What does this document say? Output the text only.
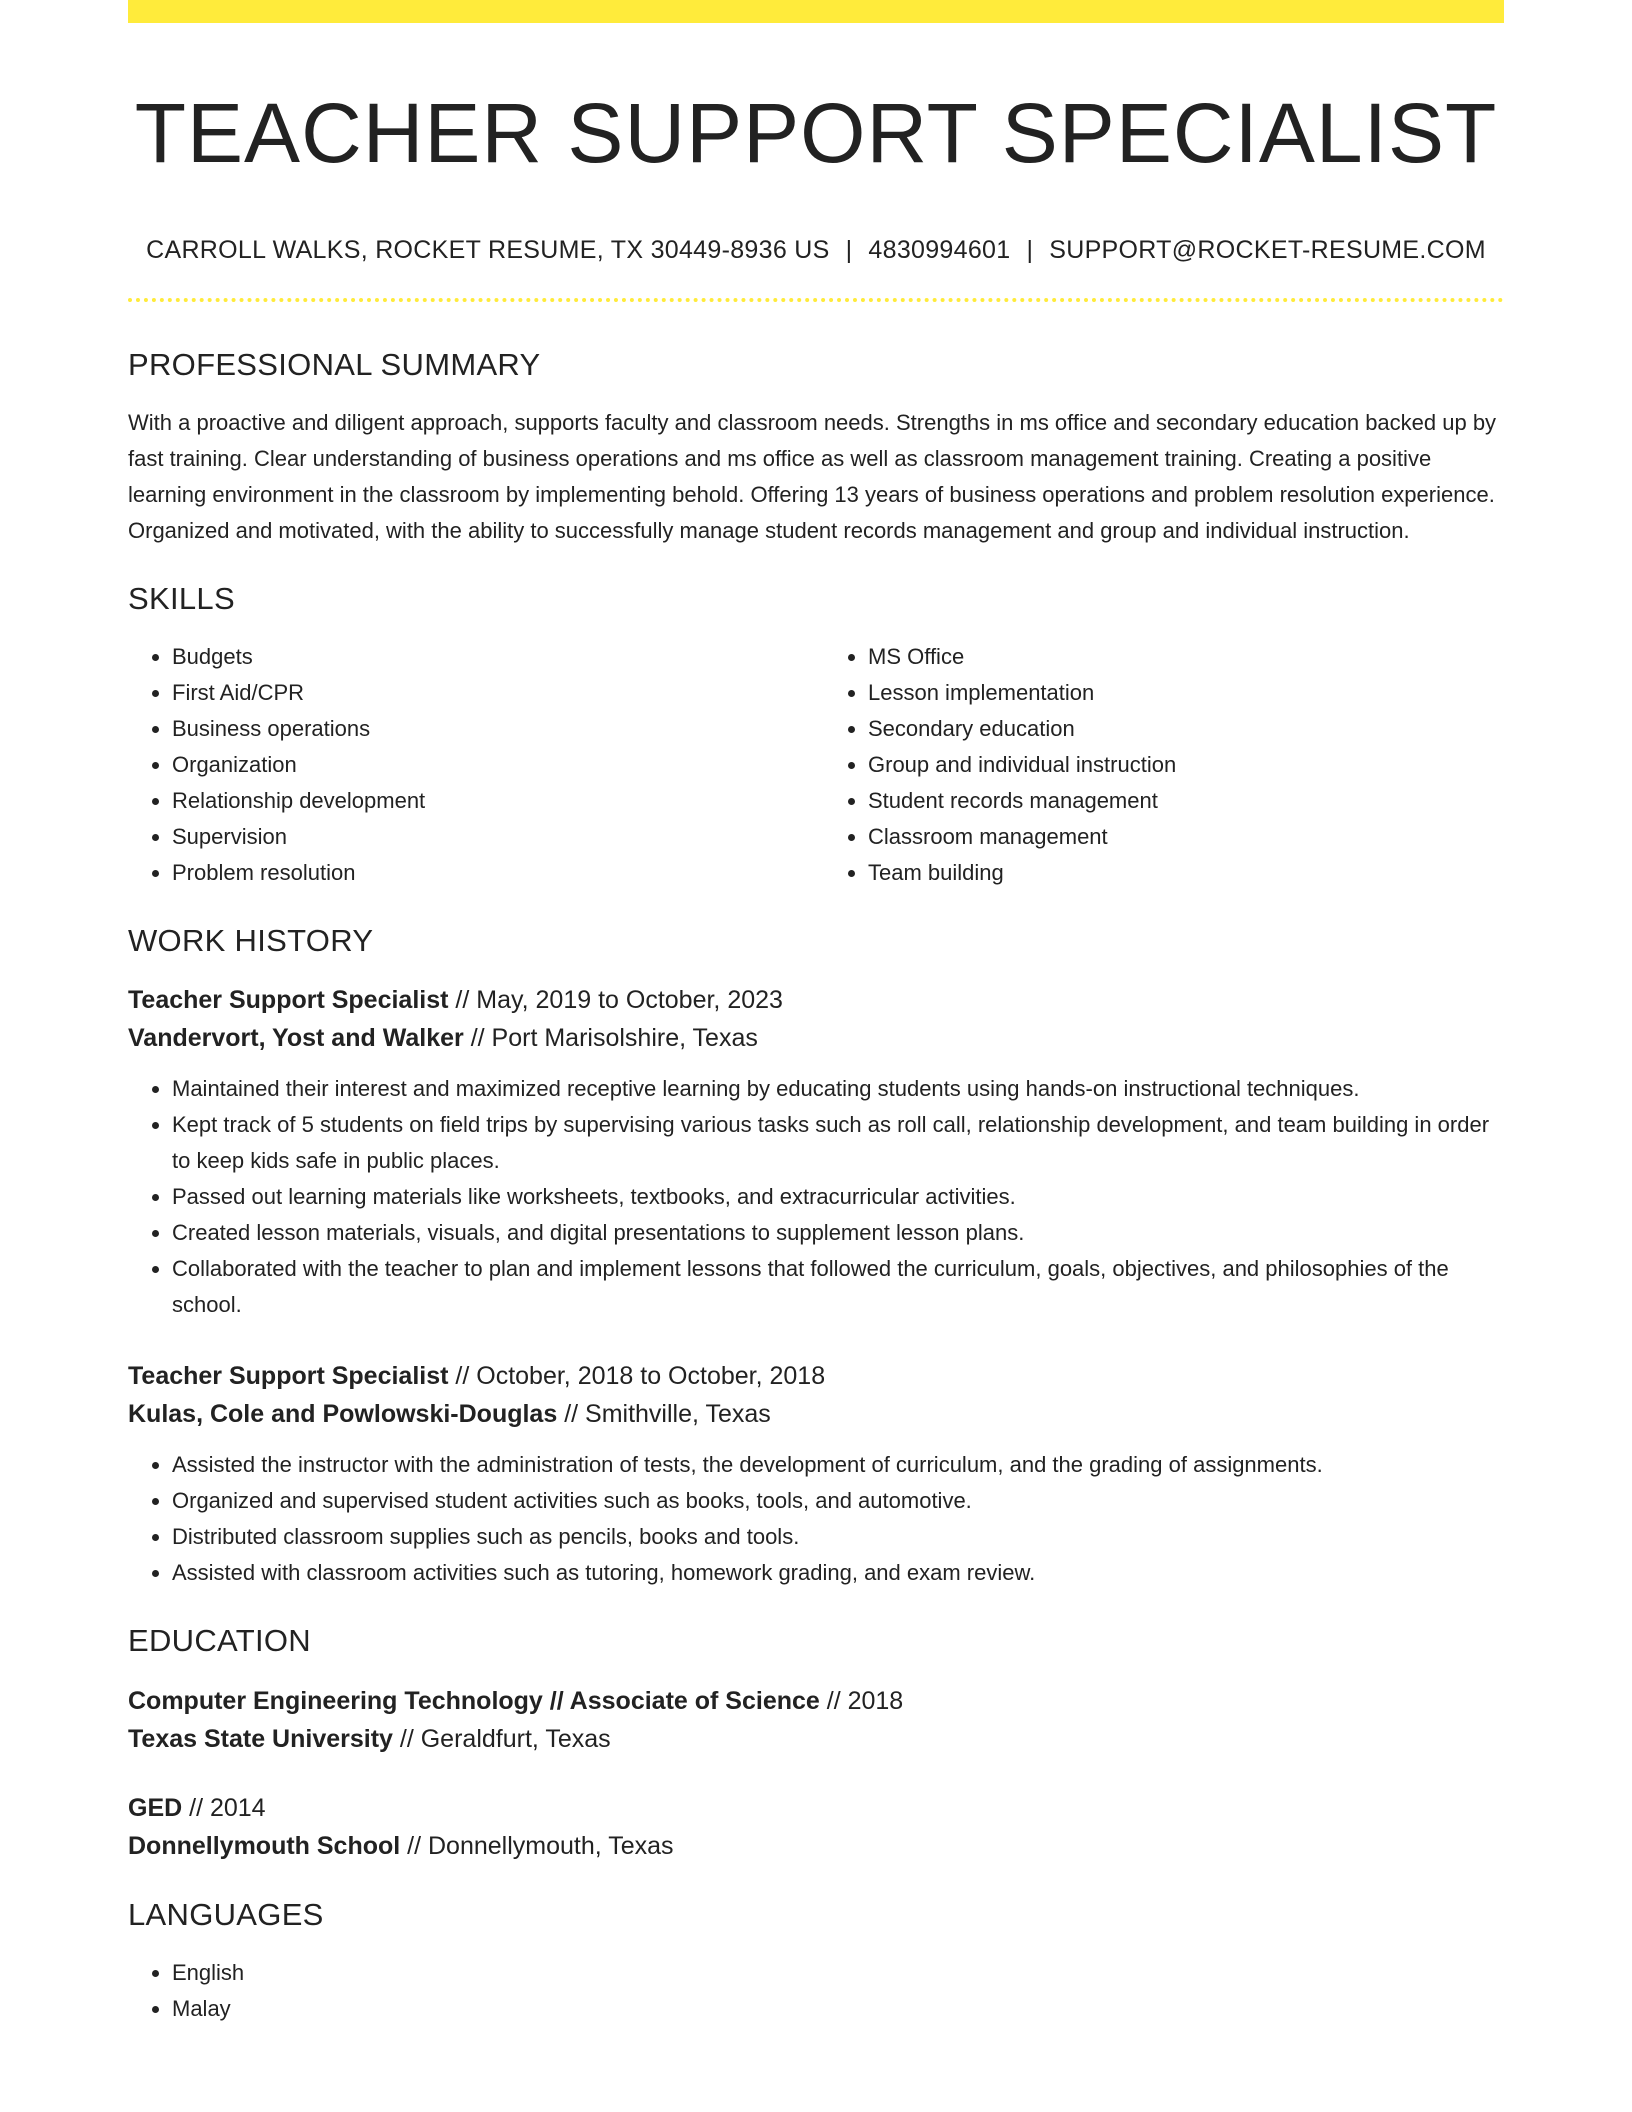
TEACHER SUPPORT SPECIALIST
CARROLL WALKS, ROCKET RESUME, TX 30449-8936 US | 4830994601 | SUPPORT@ROCKET-RESUME.COM
PROFESSIONAL SUMMARY
With a proactive and diligent approach, supports faculty and classroom needs. Strengths in ms office and secondary education backed up by fast training. Clear understanding of business operations and ms office as well as classroom management training. Creating a positive learning environment in the classroom by implementing behold. Offering 13 years of business operations and problem resolution experience. Organized and motivated, with the ability to successfully manage student records management and group and individual instruction.
SKILLS
• Budgets
• First Aid/CPR
• Business operations
• Organization
• Relationship development
• Supervision
• Problem resolution
• MS Office
• Lesson implementation
• Secondary education
• Group and individual instruction
• Student records management
• Classroom management
• Team building
WORK HISTORY
Teacher Support Specialist // May, 2019 to October, 2023
Vandervort, Yost and Walker // Port Marisolshire, Texas
• Maintained their interest and maximized receptive learning by educating students using hands-on instructional techniques.
• Kept track of 5 students on field trips by supervising various tasks such as roll call, relationship development, and team building in order to keep kids safe in public places.
• Passed out learning materials like worksheets, textbooks, and extracurricular activities.
• Created lesson materials, visuals, and digital presentations to supplement lesson plans.
• Collaborated with the teacher to plan and implement lessons that followed the curriculum, goals, objectives, and philosophies of the school.
Teacher Support Specialist // October, 2018 to October, 2018
Kulas, Cole and Powlowski-Douglas // Smithville, Texas
• Assisted the instructor with the administration of tests, the development of curriculum, and the grading of assignments.
• Organized and supervised student activities such as books, tools, and automotive.
• Distributed classroom supplies such as pencils, books and tools.
• Assisted with classroom activities such as tutoring, homework grading, and exam review.
EDUCATION
Computer Engineering Technology // Associate of Science // 2018
Texas State University // Geraldfurt, Texas
GED // 2014
Donnellymouth School // Donnellymouth, Texas
LANGUAGES
• English
• Malay
